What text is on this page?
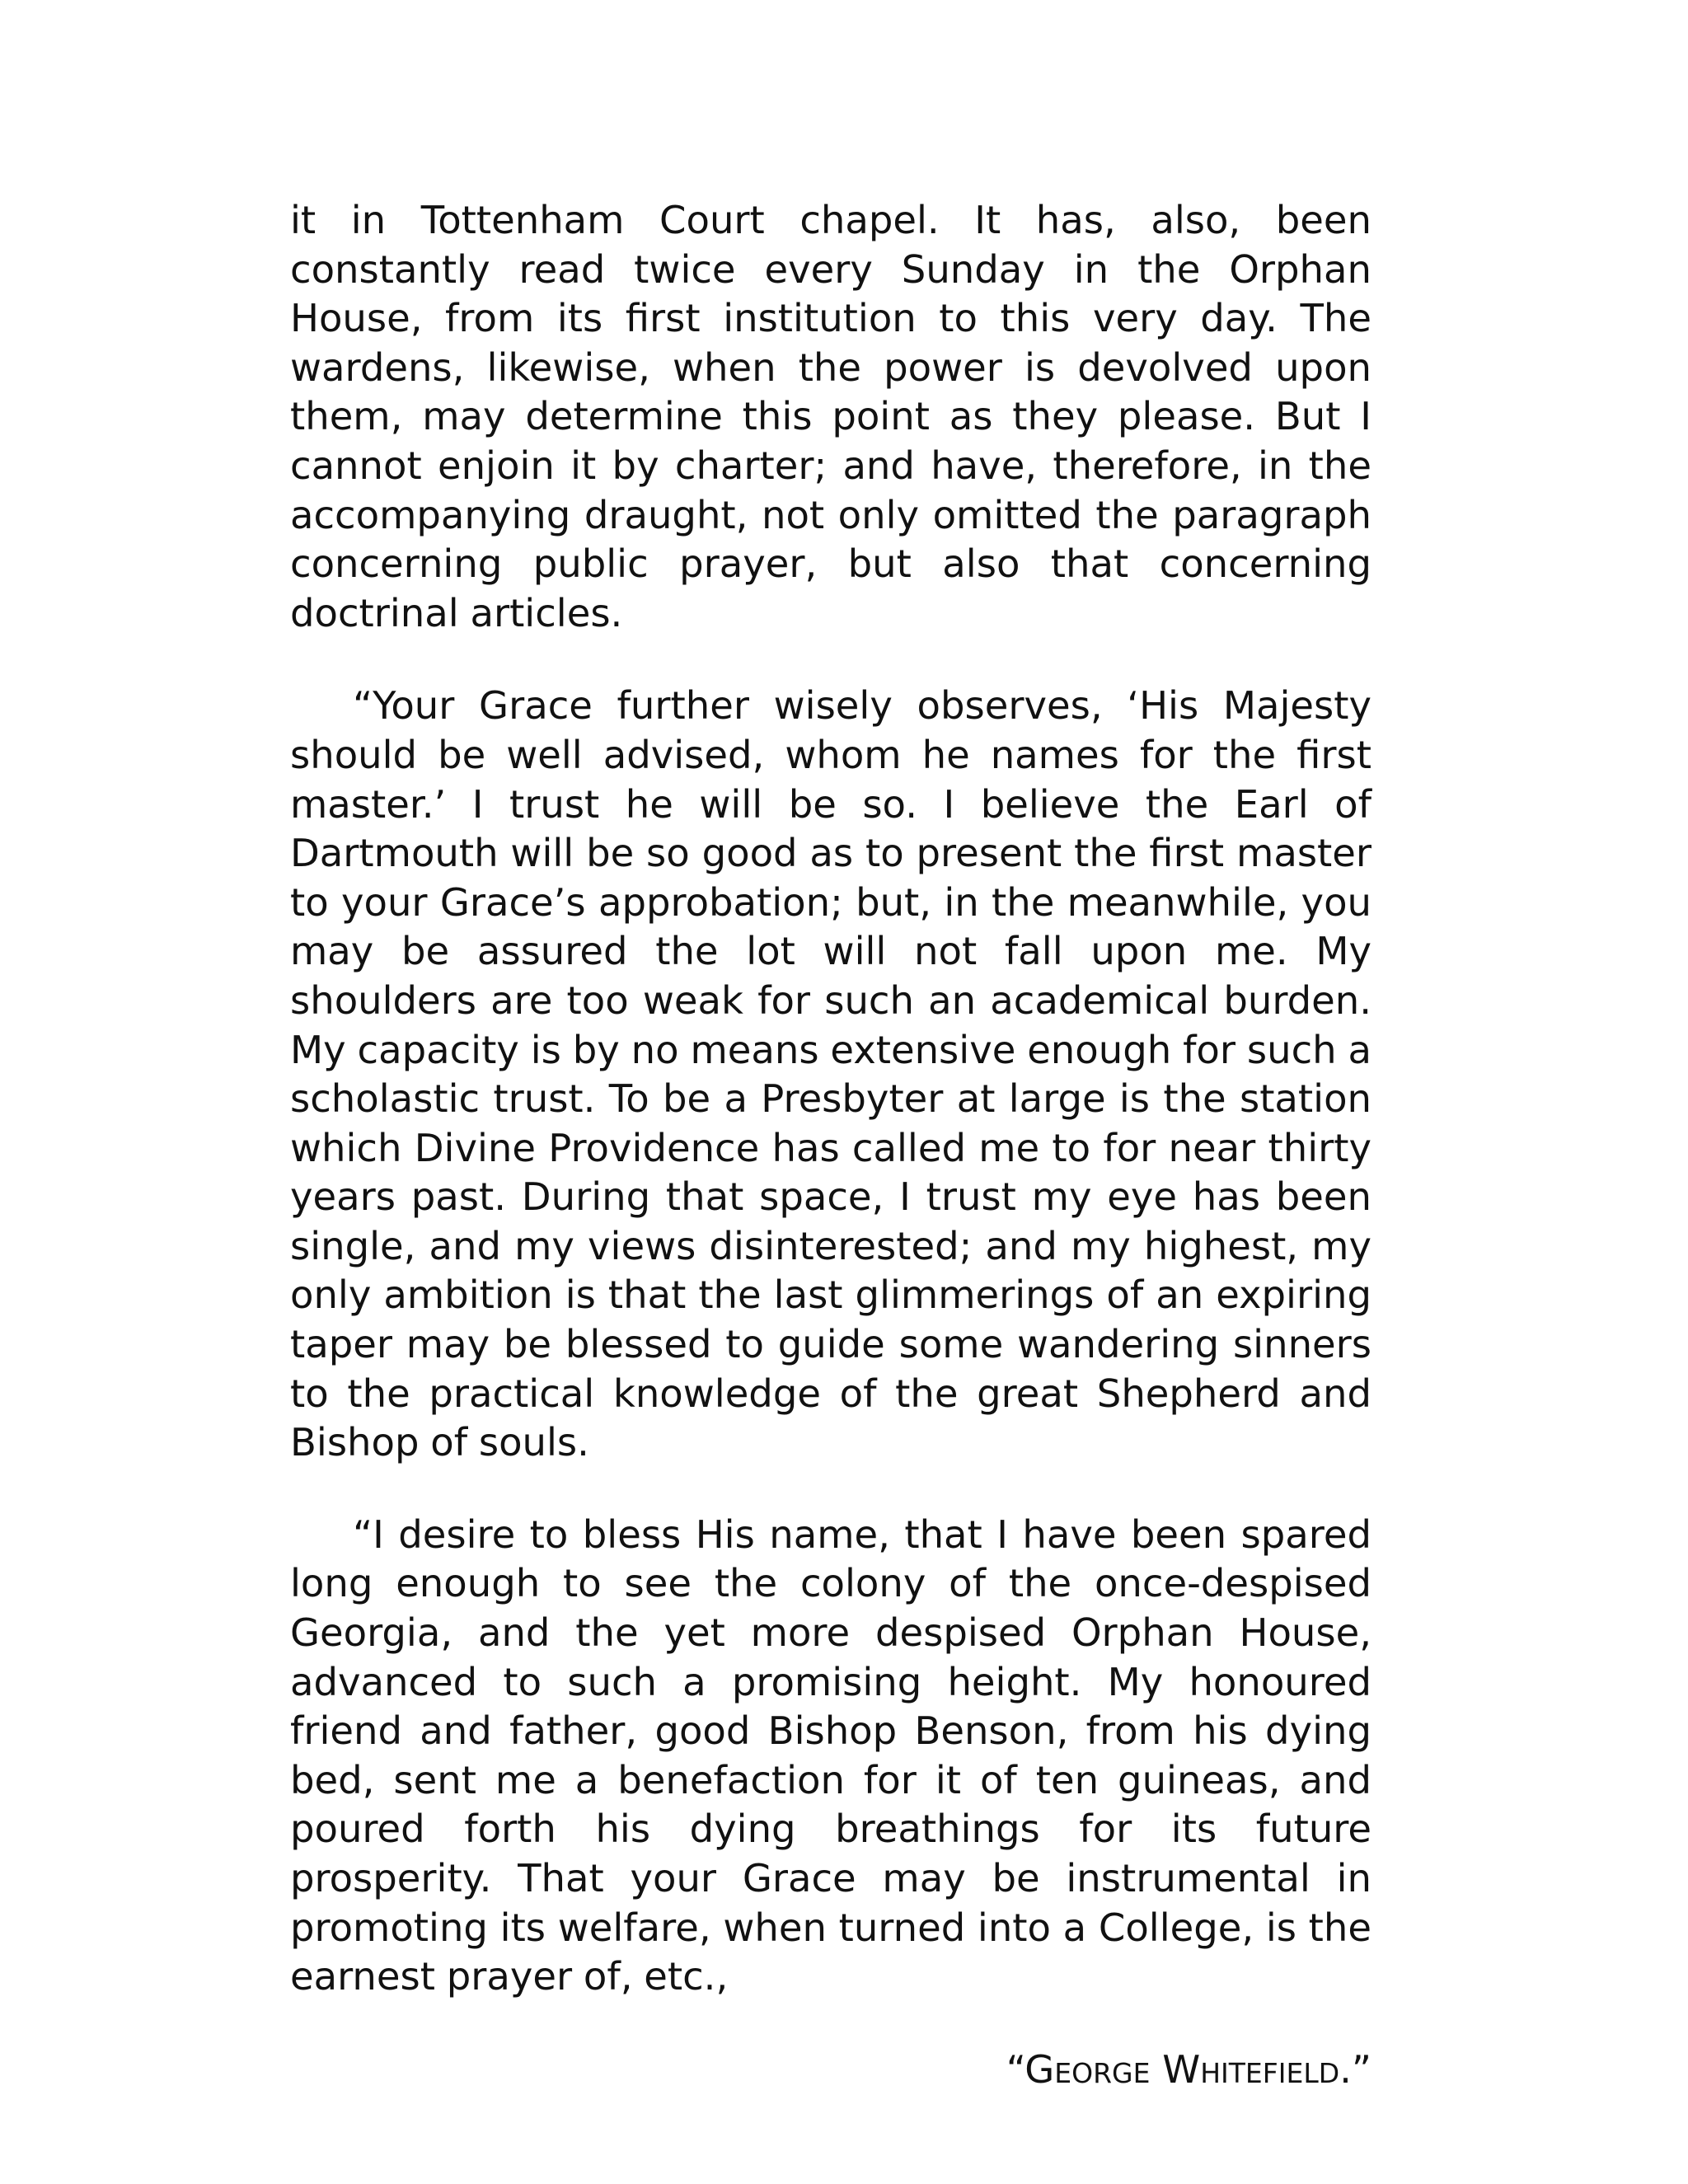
it in Tottenham Court chapel. It has, also, been constantly read twice every Sunday in the Orphan House, from its first institution to this very day. The wardens, likewise, when the power is devolved upon them, may determine this point as they please. But I cannot enjoin it by charter; and have, therefore, in the accompanying draught, not only omitted the paragraph concerning public prayer, but also that concerning doctrinal articles.

“Your Grace further wisely observes, ‘His Majesty should be well advised, whom he names for the first master.’ I trust he will be so. I believe the Earl of Dartmouth will be so good as to present the first master to your Grace’s approbation; but, in the meanwhile, you may be assured the lot will not fall upon me. My shoulders are too weak for such an academical burden. My capacity is by no means extensive enough for such a scholastic trust. To be a Presbyter at large is the station which Divine Providence has called me to for near thirty years past. During that space, I trust my eye has been single, and my views disinterested; and my highest, my only ambition is that the last glimmerings of an expiring taper may be blessed to guide some wandering sinners to the practical knowledge of the great Shepherd and Bishop of souls.

“I desire to bless His name, that I have been spared long enough to see the colony of the once-despised Georgia, and the yet more despised Orphan House, advanced to such a promising height. My honoured friend and father, good Bishop Benson, from his dying bed, sent me a benefaction for it of ten guineas, and poured forth his dying breathings for its future prosperity. That your Grace may be instrumental in promoting its welfare, when turned into a College, is the earnest prayer of, etc.,

“George Whitefield.”
